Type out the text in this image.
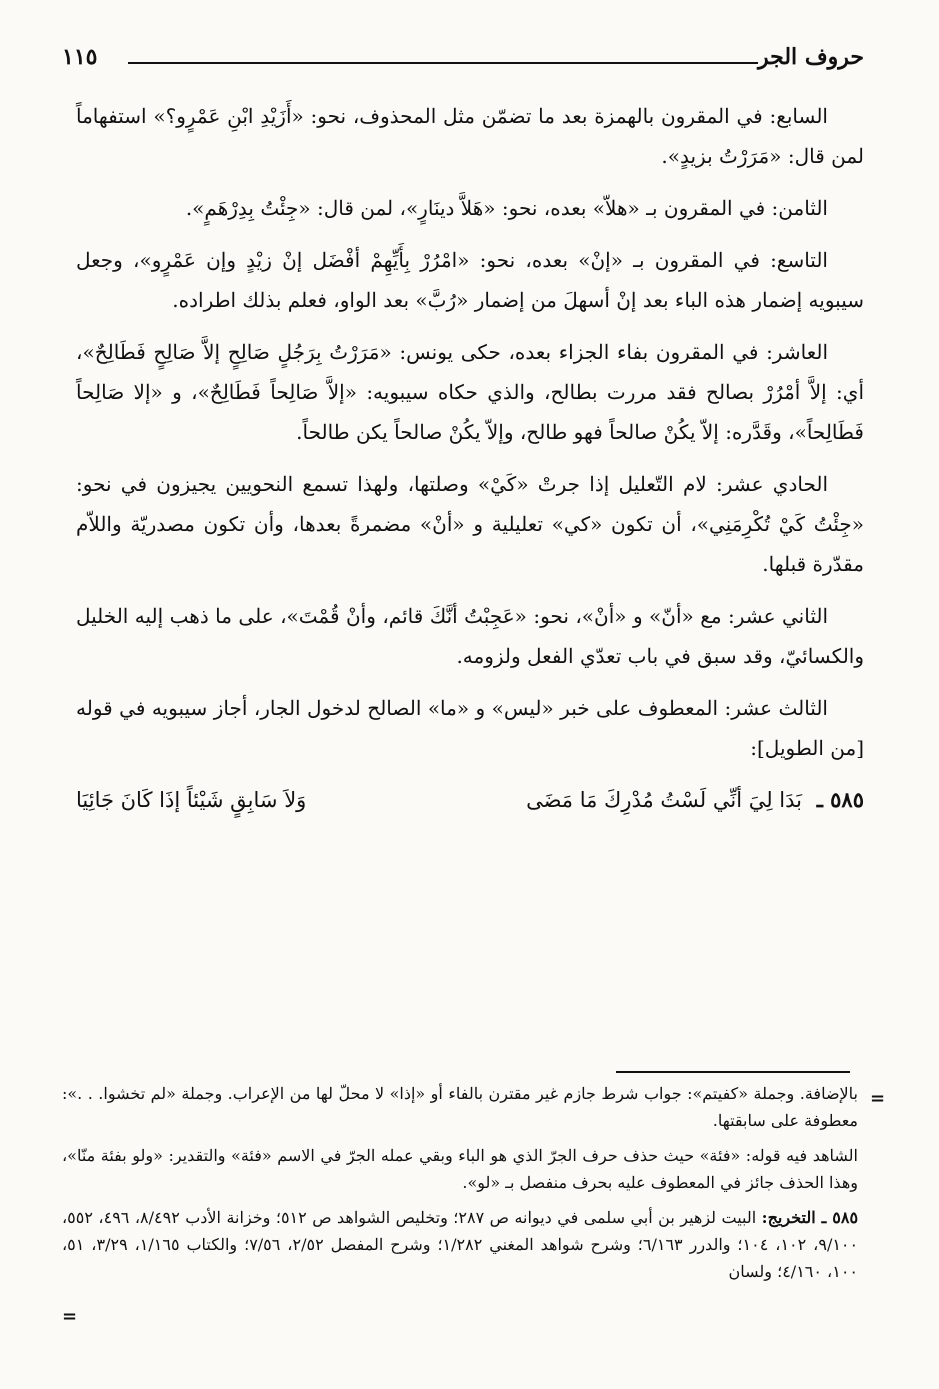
حروف الجر
١١٥

السابع: في المقرون بالهمزة بعد ما تضمّن مثل المحذوف، نحو: «أَزَيْدِ ابْنِ عَمْرٍو؟» استفهاماً لمن قال: «مَرَرْتُ بزيدٍ».

الثامن: في المقرون بـ «هلاّ» بعده، نحو: «هَلاَّ دينَارٍ»، لمن قال: «جِئْتُ بِدِرْهَمٍ».

التاسع: في المقرون بـ «إنْ» بعده، نحو: «امْرُرْ بِأَيِّهِمْ أفْضَل إنْ زيْدٍ وإن عَمْرٍو»، وجعل سيبويه إضمار هذه الباء بعد إنْ أسهلَ من إضمار «رُبَّ» بعد الواو، فعلم بذلك اطراده.

العاشر: في المقرون بفاء الجزاء بعده، حكى يونس: «مَرَرْتُ بِرَجُلٍ صَالِحٍ إلاَّ صَالِحٍ فَطَالِحٌ»، أي: إلاَّ أمْرُرْ بصالح فقد مررت بطالح، والذي حكاه سيبويه: «إلاَّ صَالِحاً فَطَالِحٌ»، و «إلا صَالِحاً فَطَالِحاً»، وقَدَّره: إلاّ يكُنْ صالحاً فهو طالح، وإلاّ يكُنْ صالحاً يكن طالحاً.

الحادي عشر: لام التّعليل إذا جرتْ «كَيْ» وصلتها، ولهذا تسمع النحويين يجيزون في نحو: «جِئْتُ كَيْ تُكْرِمَنِي»، أن تكون «كي» تعليلية و «أنْ» مضمرةً بعدها، وأن تكون مصدريّة واللاّم مقدّرة قبلها.

الثاني عشر: مع «أنّ» و «أنْ»، نحو: «عَجِبْتُ أنَّكَ قائم، وأنْ قُمْتَ»، على ما ذهب إليه الخليل والكسائيّ، وقد سبق في باب تعدّي الفعل ولزومه.

الثالث عشر: المعطوف على خبر «ليس» و «ما» الصالح لدخول الجار، أجاز سيبويه في قوله [من الطويل]:

٥٨٥ ـ بَدَا لِيَ أنِّي لَسْتُ مُدْرِكَ مَا مَضَى
وَلاَ سَابِقٍ شَيْئاً إذَا كَانَ جَائِيَا
=

بالإضافة. وجملة «كفيتم»: جواب شرط جازم غير مقترن بالفاء أو «إذا» لا محلّ لها من الإعراب. وجملة «لم تخشوا. . .»: معطوفة على سابقتها.

الشاهد فيه قوله: «فئة» حيث حذف حرف الجرّ الذي هو الباء وبقي عمله الجرّ في الاسم «فئة» والتقدير: «ولو بفئة منّا»، وهذا الحذف جائز في المعطوف عليه بحرف منفصل بـ «لو».

٥٨٥ ـ التخريج: البيت لزهير بن أبي سلمى في ديوانه ص ٢٨٧؛ وتخليص الشواهد ص ٥١٢؛ وخزانة الأدب ٨/٤٩٢، ٤٩٦، ٥٥٢، ٩/١٠٠، ١٠٢، ١٠٤؛ والدرر ٦/١٦٣؛ وشرح شواهد المغني ١/٢٨٢؛ وشرح المفصل ٢/٥٢، ٧/٥٦؛ والكتاب ١/١٦٥، ٣/٢٩، ٥١، ١٠٠، ٤/١٦٠؛ ولسان

=
